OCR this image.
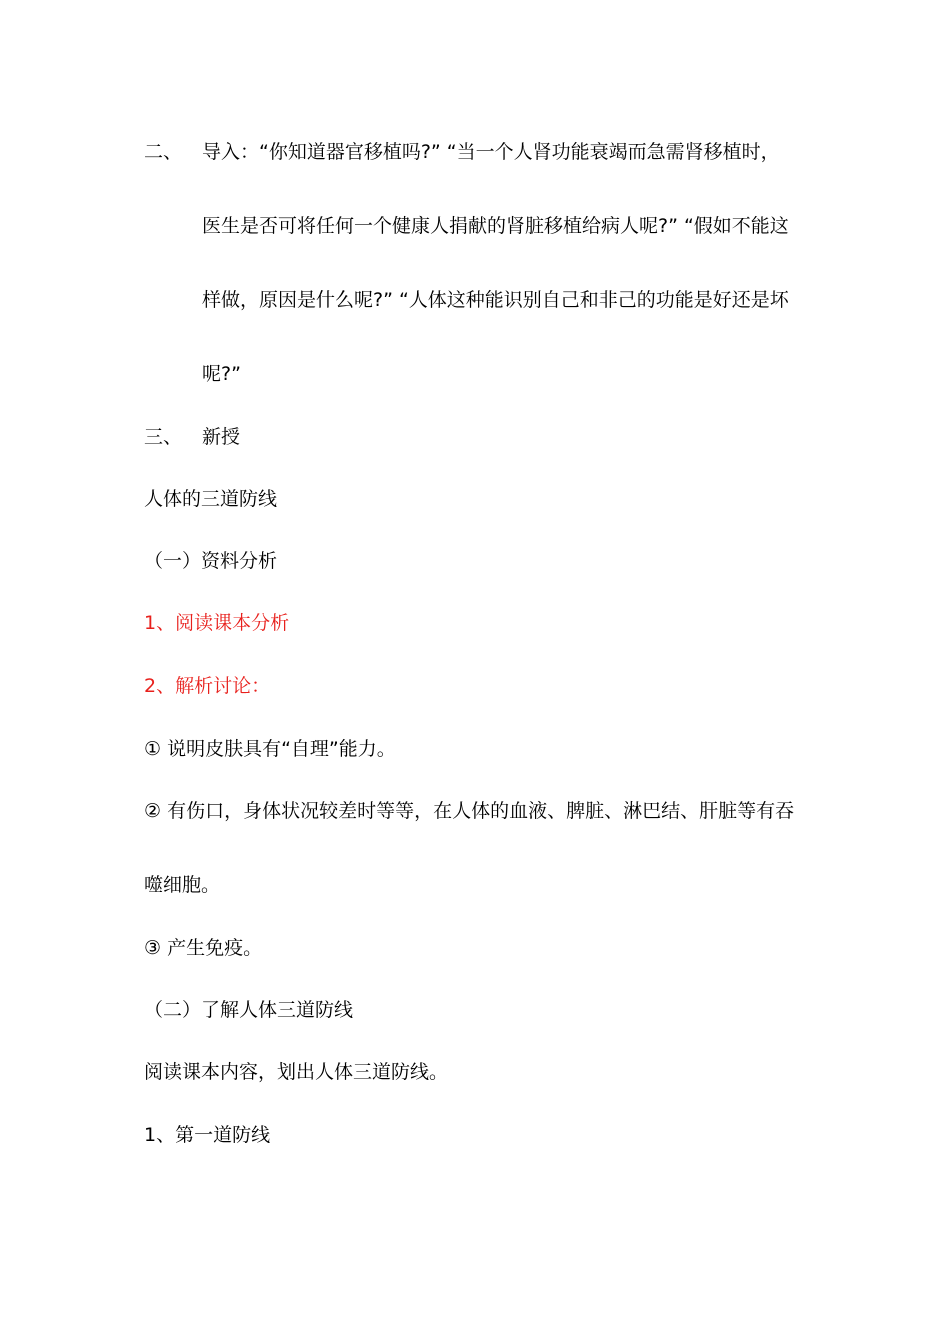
二、 导入：“你知道器官移植吗?” “当一个人肾功能衰竭而急需肾移植时，

医生是否可将任何一个健康人捐献的肾脏移植给病人呢?” “假如不能这

样做，原因是什么呢?” “人体这种能识别自己和非己的功能是好还是坏

呢?”

三、 新授

人体的三道防线

（一）资料分析

1、阅读课本分析

2、解析讨论：

① 说明皮肤具有“自理”能力。

② 有伤口，身体状况较差时等等，在人体的血液、脾脏、淋巴结、肝脏等有吞

噬细胞。

③ 产生免疫。

（二）了解人体三道防线

阅读课本内容，划出人体三道防线。

1、第一道防线
